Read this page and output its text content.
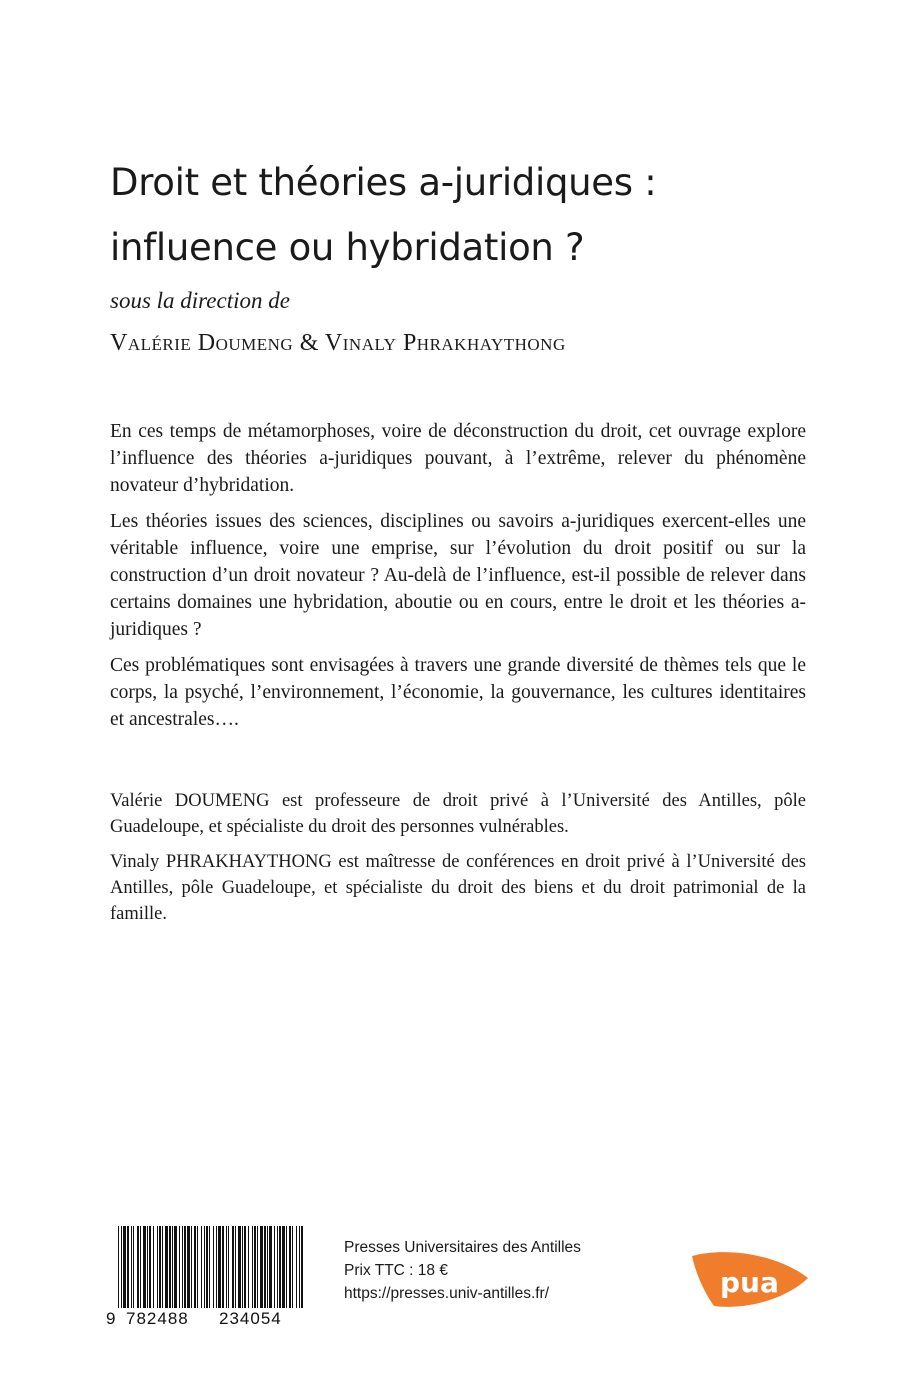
Droit et théories a-juridiques :
influence ou hybridation ?

sous la direction de

Valérie Doumeng & Vinaly Phrakhaythong

En ces temps de métamorphoses, voire de déconstruction du droit, cet ouvrage explore l’influence des théories a-juridiques pouvant, à l’extrême, relever du phénomène novateur d’hybridation.

Les théories issues des sciences, disciplines ou savoirs a-juridiques exercent-elles une véritable influence, voire une emprise, sur l’évolution du droit positif ou sur la construction d’un droit novateur ? Au-delà de l’influence, est-il possible de relever dans certains domaines une hybridation, aboutie ou en cours, entre le droit et les théories a-juridiques ?

Ces problématiques sont envisagées à travers une grande diversité de thèmes tels que le corps, la psyché, l’environnement, l’économie, la gouvernance, les cultures identitaires et ancestrales….

Valérie DOUMENG est professeure de droit privé à l’Université des Antilles, pôle Guadeloupe, et spécialiste du droit des personnes vulnérables.

Vinaly PHRAKHAYTHONG est maîtresse de conférences en droit privé à l’Université des Antilles, pôle Guadeloupe, et spécialiste du droit des biens et du droit patrimonial de la famille.

9 782488 234054
Presses Universitaires des Antilles
Prix TTC : 18 €
https://presses.univ-antilles.fr/	pua
